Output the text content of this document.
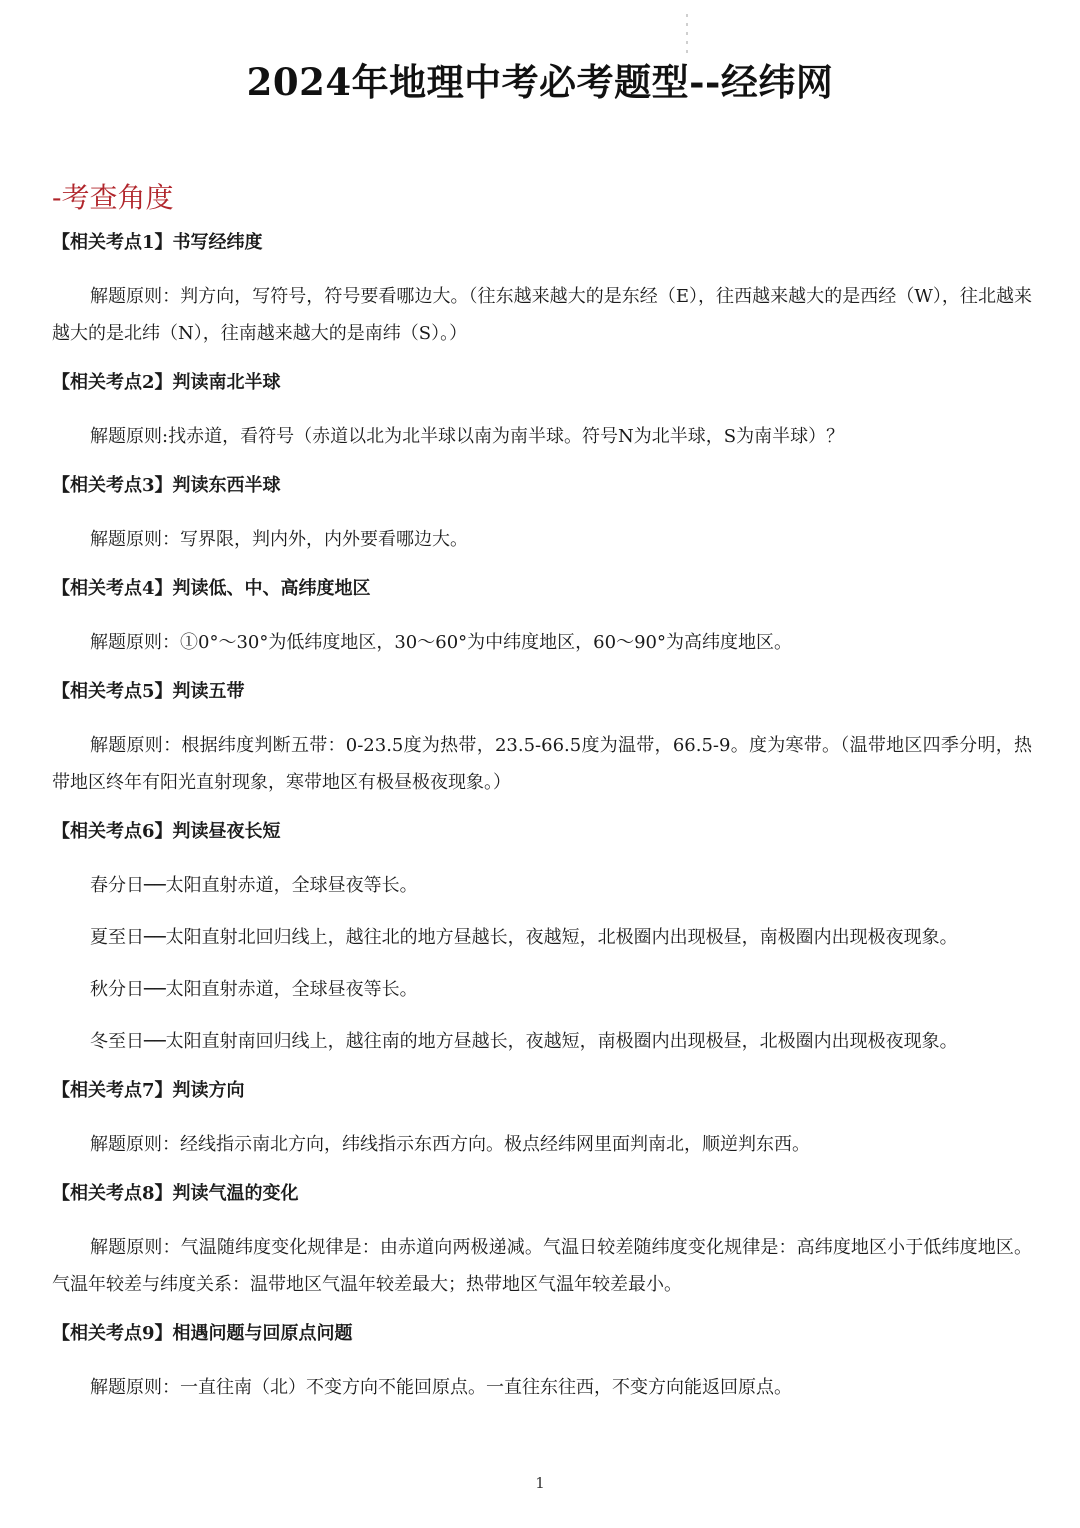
2024年地理中考必考题型--经纬网
-考查角度
【相关考点1】书写经纬度

解题原则：判方向，写符号，符号要看哪边大。（往东越来越大的是东经（E），往西越来越大的是西经（W），往北越来越大的是北纬（N），往南越来越大的是南纬（S）。）

【相关考点2】判读南北半球

解题原则:找赤道，看符号（赤道以北为北半球以南为南半球。符号N为北半球，S为南半球）？

【相关考点3】判读东西半球

解题原则：写界限，判内外，内外要看哪边大。

【相关考点4】判读低、中、高纬度地区

解题原则：①0°～30°为低纬度地区，30～60°为中纬度地区，60～90°为高纬度地区。

【相关考点5】判读五带

解题原则：根据纬度判断五带：0-23.5度为热带，23.5-66.5度为温带，66.5-9。度为寒带。（温带地区四季分明，热带地区终年有阳光直射现象，寒带地区有极昼极夜现象。）

【相关考点6】判读昼夜长短

春分日──太阳直射赤道，全球昼夜等长。

夏至日──太阳直射北回归线上，越往北的地方昼越长，夜越短，北极圈内出现极昼，南极圈内出现极夜现象。

秋分日──太阳直射赤道，全球昼夜等长。

冬至日──太阳直射南回归线上，越往南的地方昼越长，夜越短，南极圈内出现极昼，北极圈内出现极夜现象。

【相关考点7】判读方向

解题原则：经线指示南北方向，纬线指示东西方向。极点经纬网里面判南北，顺逆判东西。

【相关考点8】判读气温的变化

解题原则：气温随纬度变化规律是：由赤道向两极递减。气温日较差随纬度变化规律是：高纬度地区小于低纬度地区。气温年较差与纬度关系：温带地区气温年较差最大；热带地区气温年较差最小。

【相关考点9】相遇问题与回原点问题

解题原则：一直往南（北）不变方向不能回原点。一直往东往西，不变方向能返回原点。

1
